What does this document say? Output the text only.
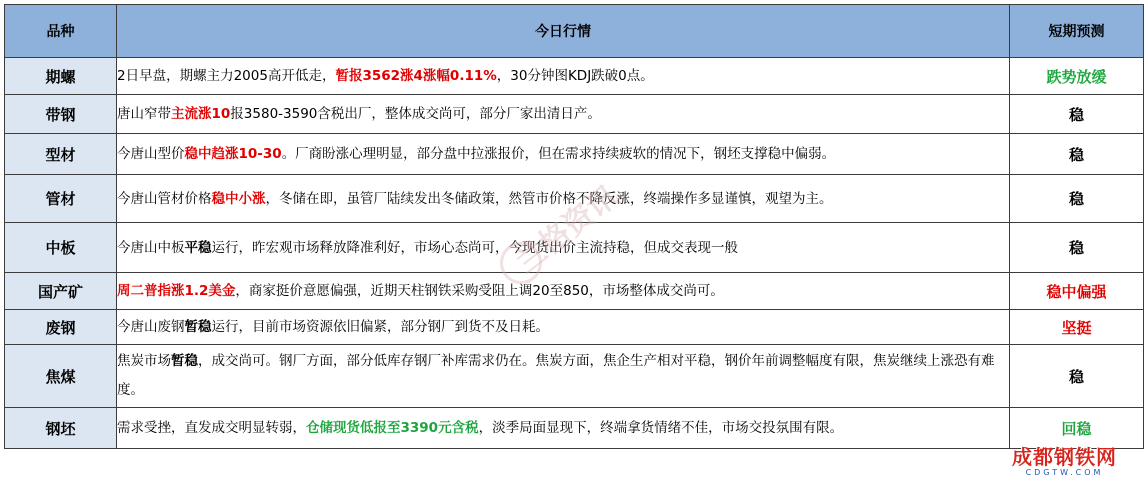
品种	今日行情	短期预测
期螺	2日早盘，期螺主力2005高开低走，暂报3562涨4涨幅0.11%，30分钟图KDJ跌破0点。	跌势放缓
带钢	唐山窄带主流涨10报3580-3590含税出厂，整体成交尚可，部分厂家出清日产。	稳
型材	今唐山型价稳中趋涨10-30。厂商盼涨心理明显，部分盘中拉涨报价，但在需求持续疲软的情况下，钢坯支撑稳中偏弱。	稳
管材	今唐山管材价格稳中小涨，冬储在即，虽管厂陆续发出冬储政策，然管市价格不降反涨，终端操作多显谨慎，观望为主。	稳
中板	今唐山中板平稳运行，昨宏观市场释放降准利好，市场心态尚可，今现货出价主流持稳，但成交表现一般	稳
国产矿	周二普指涨1.2美金，商家挺价意愿偏强，近期天柱钢铁采购受阻上调20至850，市场整体成交尚可。	稳中偏强
废钢	今唐山废钢暂稳运行，目前市场资源依旧偏紧，部分钢厂到货不及日耗。	坚挺
焦煤	焦炭市场暂稳，成交尚可。钢厂方面，部分低库存钢厂补库需求仍在。焦炭方面，焦企生产相对平稳，钢价年前调整幅度有限，焦炭继续上涨恐有难度。	稳
钢坯	需求受挫，直发成交明显转弱，仓储现货低报至3390元含税，淡季局面显现下，终端拿货情绪不佳，市场交投氛围有限。	回稳
兰格资讯
成都钢铁网
CDGTW.COM
